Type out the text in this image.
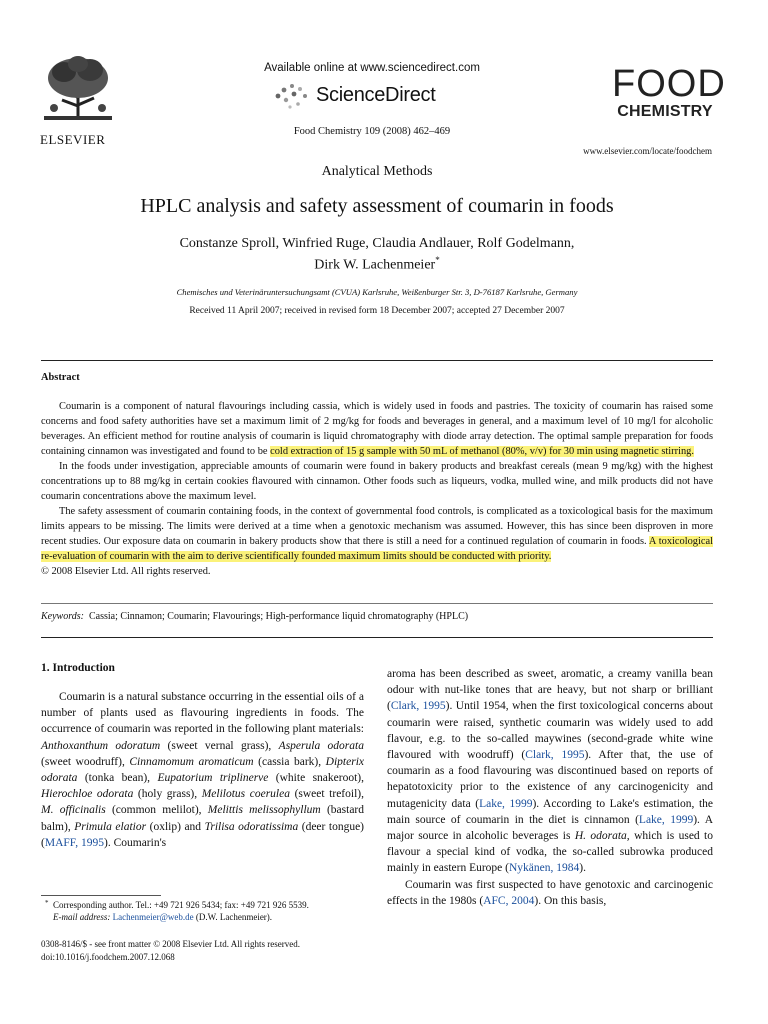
ELSEVIER
Available online at www.sciencedirect.com
ScienceDirect
Food Chemistry 109 (2008) 462–469
FOOD
CHEMISTRY
www.elsevier.com/locate/foodchem
Analytical Methods
HPLC analysis and safety assessment of coumarin in foods
Constanze Sproll, Winfried Ruge, Claudia Andlauer, Rolf Godelmann,
Dirk W. Lachenmeier*
Chemisches und Veterinäruntersuchungsamt (CVUA) Karlsruhe, Weißenburger Str. 3, D-76187 Karlsruhe, Germany
Received 11 April 2007; received in revised form 18 December 2007; accepted 27 December 2007
Abstract

Coumarin is a component of natural flavourings including cassia, which is widely used in foods and pastries. The toxicity of coumarin has raised some concerns and food safety authorities have set a maximum limit of 2 mg/kg for foods and beverages in general, and a maximum level of 10 mg/l for alcoholic beverages. An efficient method for routine analysis of coumarin is liquid chromatography with diode array detection. The optimal sample preparation for foods containing cinnamon was investigated and found to be cold extraction of 15 g sample with 50 mL of methanol (80%, v/v) for 30 min using magnetic stirring.

In the foods under investigation, appreciable amounts of coumarin were found in bakery products and breakfast cereals (mean 9 mg/kg) with the highest concentrations up to 88 mg/kg in certain cookies flavoured with cinnamon. Other foods such as liqueurs, vodka, mulled wine, and milk products did not have coumarin concentrations above the maximum level.

The safety assessment of coumarin containing foods, in the context of governmental food controls, is complicated as a toxicological basis for the maximum limits appears to be missing. The limits were derived at a time when a genotoxic mechanism was assumed. However, this has since been disproven in more recent studies. Our exposure data on coumarin in bakery products show that there is still a need for a continued regulation of coumarin in foods. A toxicological re-evaluation of coumarin with the aim to derive scientifically founded maximum limits should be conducted with priority.

© 2008 Elsevier Ltd. All rights reserved.

Keywords: Cassia; Cinnamon; Coumarin; Flavourings; High-performance liquid chromatography (HPLC)
1. Introduction

Coumarin is a natural substance occurring in the essential oils of a number of plants used as flavouring ingredients in foods. The occurrence of coumarin was reported in the following plant materials: Anthoxanthum odoratum (sweet vernal grass), Asperula odorata (sweet woodruff), Cinnamomum aromaticum (cassia bark), Dipterix odorata (tonka bean), Eupatorium triplinerve (white snakeroot), Hierochloe odorata (holy grass), Melilotus coerulea (sweet trefoil), M. officinalis (common melilot), Melittis melissophyllum (bastard balm), Primula elatior (oxlip) and Trilisa odoratissima (deer tongue) (MAFF, 1995). Coumarin's

aroma has been described as sweet, aromatic, a creamy vanilla bean odour with nut-like tones that are heavy, but not sharp or brilliant (Clark, 1995). Until 1954, when the first toxicological concerns about coumarin were raised, synthetic coumarin was widely used to add flavour, e.g. to the so-called maywines (second-grade white wine flavoured with woodruff) (Clark, 1995). After that, the use of coumarin as a food flavouring was discontinued based on reports of hepatotoxicity prior to the existence of any carcinogenicity and mutagenicity data (Lake, 1999). According to Lake's estimation, the main source of coumarin in the diet is cinnamon (Lake, 1999). A major source in alcoholic beverages is H. odorata, which is used to flavour a special kind of vodka, the so-called subrowka produced mainly in eastern Europe (Nykänen, 1984).

Coumarin was first suspected to have genotoxic and carcinogenic effects in the 1980s (AFC, 2004). On this basis,

* Corresponding author. Tel.: +49 721 926 5434; fax: +49 721 926 5539.
E-mail address: Lachenmeier@web.de (D.W. Lachenmeier).
0308-8146/$ - see front matter © 2008 Elsevier Ltd. All rights reserved.
doi:10.1016/j.foodchem.2007.12.068
